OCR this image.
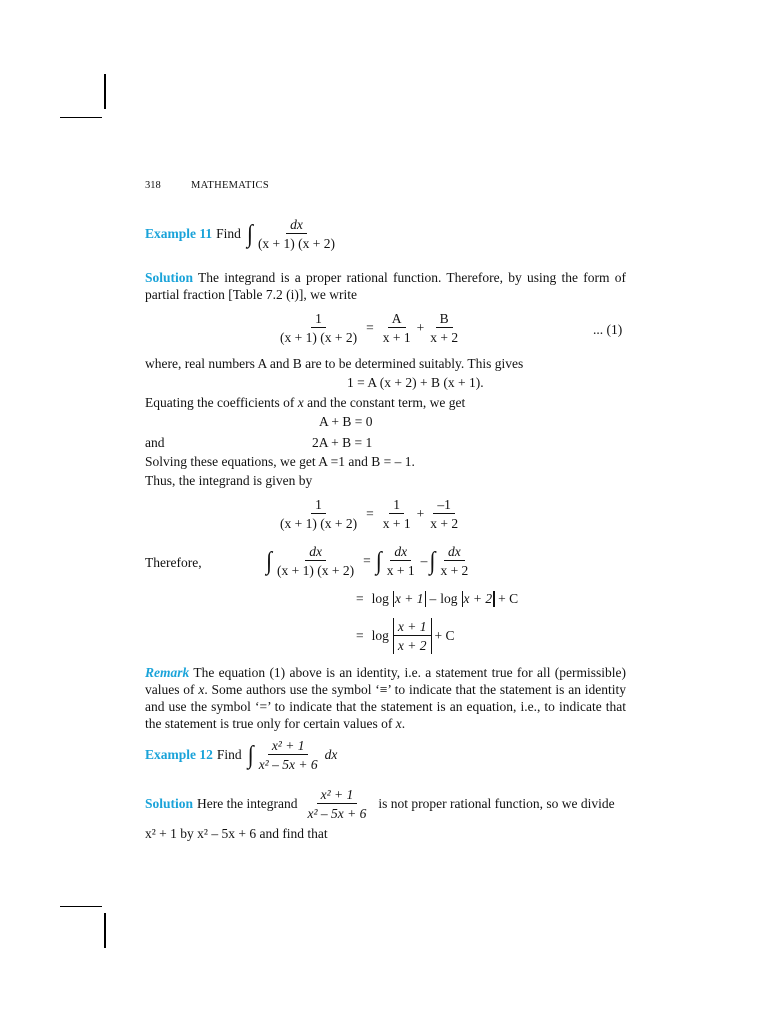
318	MATHEMATICS
Example 11 Find ∫ $\frac{dx}{(x + 1) (x + 2)}$
Solution The integrand is a proper rational function. Therefore, by using the form of partial fraction [Table 7.2 (i)], we write
$\frac{1}{(x + 1) (x + 2)} = \frac{A}{x + 1} + \frac{B}{x + 2}$	... (1)
where, real numbers A and B are to be determined suitably. This gives
1 = A (x + 2) + B (x + 1).
Equating the coefficients of x and the constant term, we get
A + B = 0
and	2A + B = 1
Solving these equations, we get A =1 and B = – 1.
Thus, the integrand is given by
$\frac{1}{(x + 1) (x + 2)} = \frac{1}{x + 1} + \frac{-1}{x + 2}$
Therefore,	∫ $\frac{dx}{(x + 1) (x + 2)}$ = ∫ $\frac{dx}{x + 1}$ – ∫ $\frac{dx}{x + 2}$
= log x + 1 – log x + 2 + C
= $\log \frac{x + 1}{x + 2} + C$
Remark The equation (1) above is an identity, i.e. a statement true for all (permissible) values of x. Some authors use the symbol ‘≡’ to indicate that the statement is an identity and use the symbol ‘=’ to indicate that the statement is an equation, i.e., to indicate that the statement is true only for certain values of x.
Example 12 Find ∫ $\frac{\text{x² + 1}}{\text{x² – 5x + 6}}$ dx
Solution Here the integrand $\frac{\text{x² + 1}}{\text{x² – 5x + 6}}$ is not proper rational function, so we divide
x² + 1 by x² – 5x + 6 and find that
